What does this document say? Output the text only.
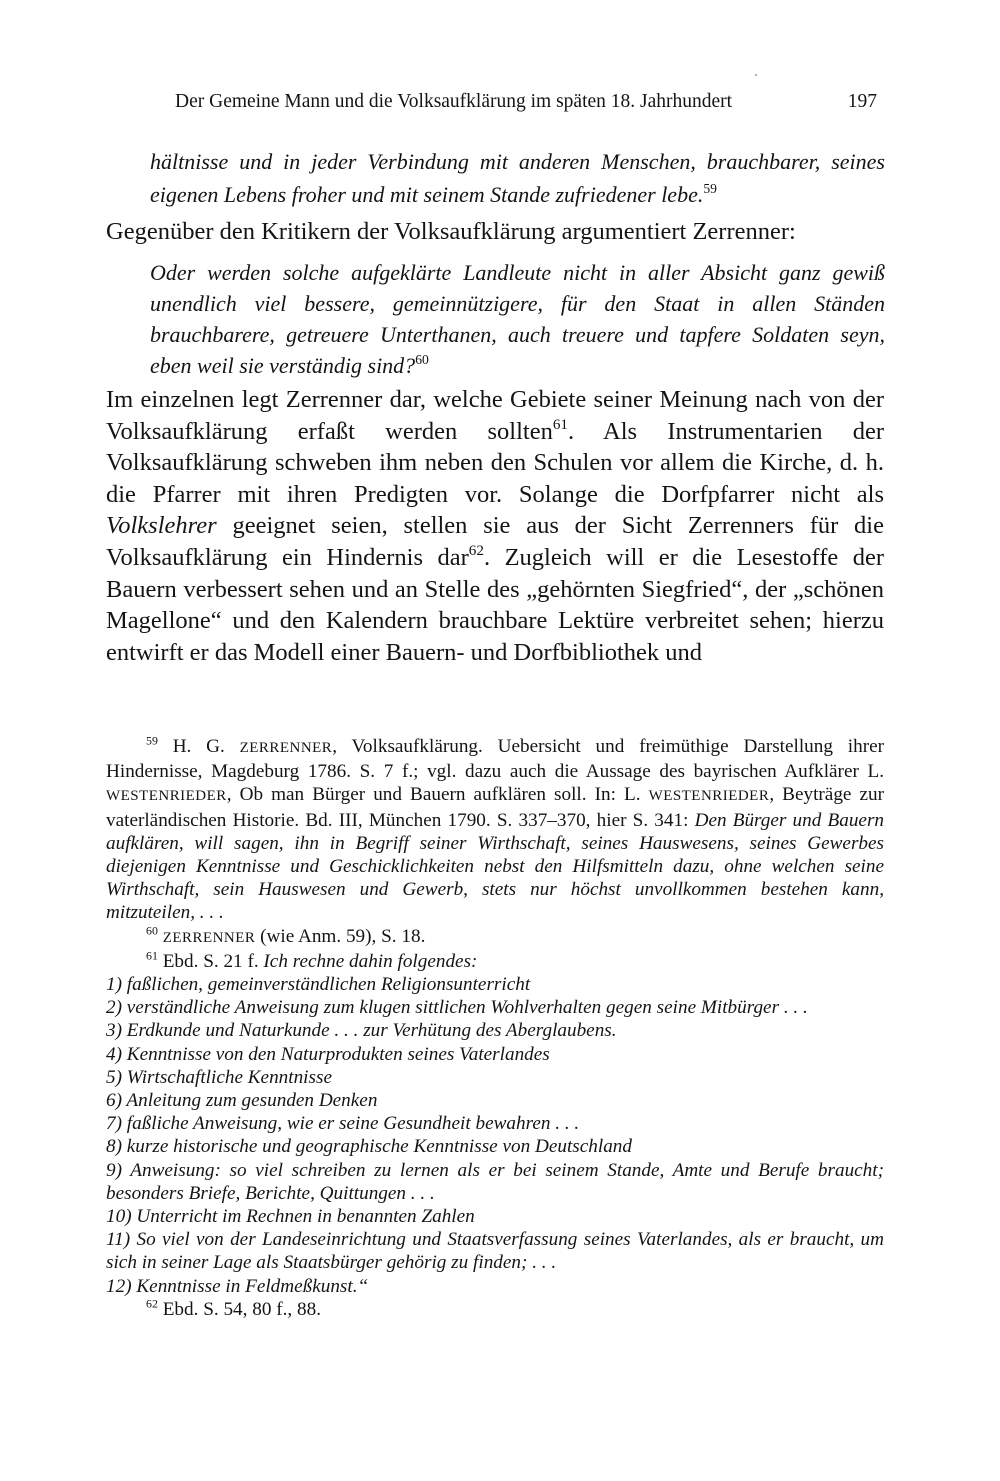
Der Gemeine Mann und die Volksaufklärung im späten 18. Jahrhundert	197
hältnisse und in jeder Verbindung mit anderen Menschen, brauchbarer, seines eigenen Lebens froher und mit seinem Stande zufriedener lebe.$^{59}$
Gegenüber den Kritikern der Volksaufklärung argumentiert Zerrenner:
Oder werden solche aufgeklärte Landleute nicht in aller Absicht ganz gewiß unendlich viel bessere, gemeinnützigere, für den Staat in allen Ständen brauchbarere, getreuere Unterthanen, auch treuere und tapfere Soldaten seyn, eben weil sie verständig sind?$^{60}$
Im einzelnen legt Zerrenner dar, welche Gebiete seiner Meinung nach von der Volksaufklärung erfaßt werden sollten$^{61}$. Als Instrumentarien der Volksaufklärung schweben ihm neben den Schulen vor allem die Kirche, d. h. die Pfarrer mit ihren Predigten vor. Solange die Dorfpfarrer nicht als Volkslehrer geeignet seien, stellen sie aus der Sicht Zerrenners für die Volksaufklärung ein Hindernis dar$^{62}$. Zugleich will er die Lesestoffe der Bauern verbessert sehen und an Stelle des „gehörnten Siegfried“, der „schönen Magellone“ und den Kalendern brauchbare Lektüre verbreitet sehen; hierzu entwirft er das Modell einer Bauern- und Dorfbibliothek und
$^{59}$ H. G. ZERRENNER, Volksaufklärung. Uebersicht und freimüthige Darstellung ihrer Hindernisse, Magdeburg 1786. S. 7 f.; vgl. dazu auch die Aussage des bayrischen Aufklärer L. WESTENRIEDER, Ob man Bürger und Bauern aufklären soll. In: L. WESTENRIEDER, Beyträge zur vaterländischen Historie. Bd. III, München 1790. S. 337–370, hier S. 341: Den Bürger und Bauern aufklären, will sagen, ihn in Begriff seiner Wirthschaft, seines Hauswesens, seines Gewerbes diejenigen Kenntnisse und Geschicklichkeiten nebst den Hilfsmitteln dazu, ohne welchen seine Wirthschaft, sein Hauswesen und Gewerb, stets nur höchst unvollkommen bestehen kann, mitzuteilen, . . .
$^{60}$ ZERRENNER (wie Anm. 59), S. 18.
$^{61}$ Ebd. S. 21 f. Ich rechne dahin folgendes:
1) faßlichen, gemeinverständlichen Religionsunterricht
2) verständliche Anweisung zum klugen sittlichen Wohlverhalten gegen seine Mitbürger . . .
3) Erdkunde und Naturkunde . . . zur Verhütung des Aberglaubens.
4) Kenntnisse von den Naturprodukten seines Vaterlandes
5) Wirtschaftliche Kenntnisse
6) Anleitung zum gesunden Denken
7) faßliche Anweisung, wie er seine Gesundheit bewahren . . .
8) kurze historische und geographische Kenntnisse von Deutschland
9) Anweisung: so viel schreiben zu lernen als er bei seinem Stande, Amte und Berufe braucht; besonders Briefe, Berichte, Quittungen . . .
10) Unterricht im Rechnen in benannten Zahlen
11) So viel von der Landeseinrichtung und Staatsverfassung seines Vaterlandes, als er braucht, um sich in seiner Lage als Staatsbürger gehörig zu finden; . . .
12) Kenntnisse in Feldmeßkunst.“
$^{62}$ Ebd. S. 54, 80 f., 88.
